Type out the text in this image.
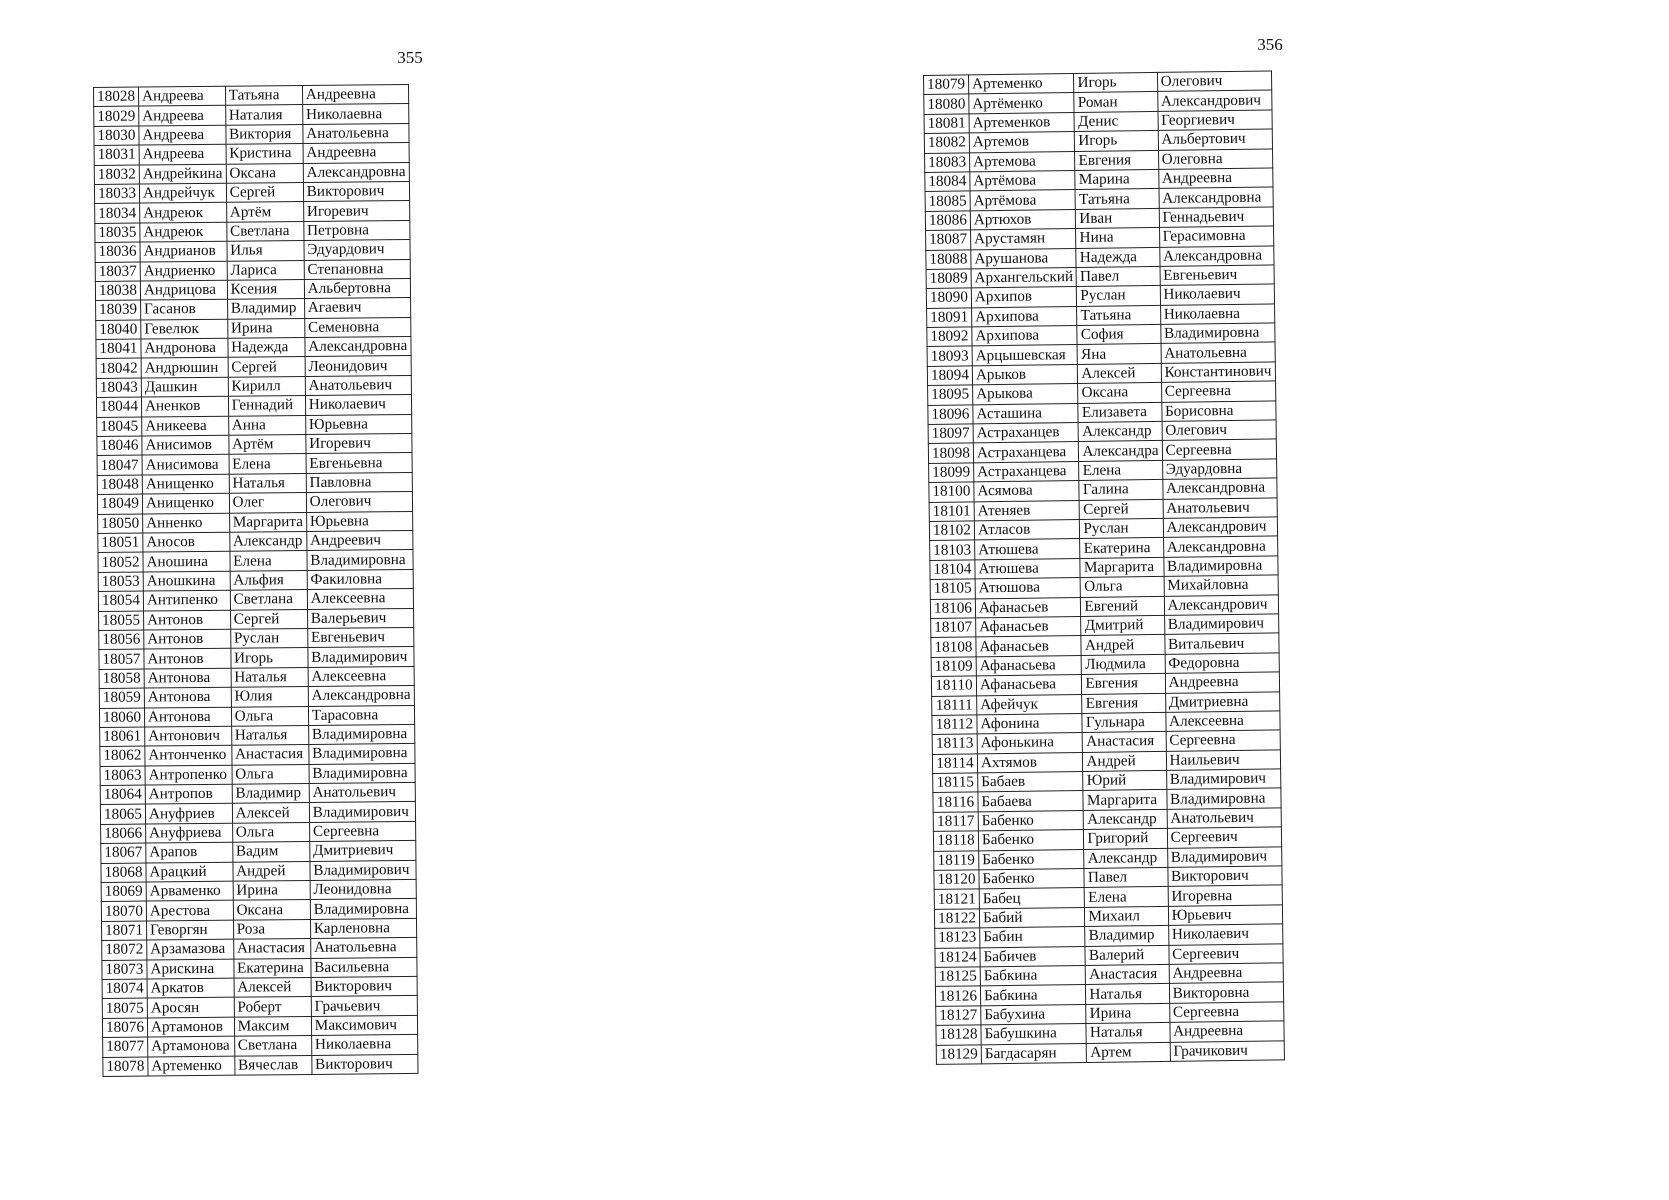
355
18028	Андреева	Татьяна	Андреевна
18029	Андреева	Наталия	Николаевна
18030	Андреева	Виктория	Анатольевна
18031	Андреева	Кристина	Андреевна
18032	Андрейкина	Оксана	Александровна
18033	Андрейчук	Сергей	Викторович
18034	Андреюк	Артём	Игоревич
18035	Андреюк	Светлана	Петровна
18036	Андрианов	Илья	Эдуардович
18037	Андриенко	Лариса	Степановна
18038	Андрицова	Ксения	Альбертовна
18039	Гасанов	Владимир	Агаевич
18040	Гевелюк	Ирина	Семеновна
18041	Андронова	Надежда	Александровна
18042	Андрюшин	Сергей	Леонидович
18043	Дашкин	Кирилл	Анатольевич
18044	Аненков	Геннадий	Николаевич
18045	Аникеева	Анна	Юрьевна
18046	Анисимов	Артём	Игоревич
18047	Анисимова	Елена	Евгеньевна
18048	Анищенко	Наталья	Павловна
18049	Анищенко	Олег	Олегович
18050	Анненко	Маргарита	Юрьевна
18051	Аносов	Александр	Андреевич
18052	Аношина	Елена	Владимировна
18053	Аношкина	Альфия	Факиловна
18054	Антипенко	Светлана	Алексеевна
18055	Антонов	Сергей	Валерьевич
18056	Антонов	Руслан	Евгеньевич
18057	Антонов	Игорь	Владимирович
18058	Антонова	Наталья	Алексеевна
18059	Антонова	Юлия	Александровна
18060	Антонова	Ольга	Тарасовна
18061	Антонович	Наталья	Владимировна
18062	Антонченко	Анастасия	Владимировна
18063	Антропенко	Ольга	Владимировна
18064	Антропов	Владимир	Анатольевич
18065	Ануфриев	Алексей	Владимирович
18066	Ануфриева	Ольга	Сергеевна
18067	Арапов	Вадим	Дмитриевич
18068	Арацкий	Андрей	Владимирович
18069	Арваменко	Ирина	Леонидовна
18070	Арестова	Оксана	Владимировна
18071	Геворгян	Роза	Карленовна
18072	Арзамазова	Анастасия	Анатольевна
18073	Арискина	Екатерина	Васильевна
18074	Аркатов	Алексей	Викторович
18075	Аросян	Роберт	Грачьевич
18076	Артамонов	Максим	Максимович
18077	Артамонова	Светлана	Николаевна
18078	Артеменко	Вячеслав	Викторович
356
18079	Артеменко	Игорь	Олегович
18080	Артёменко	Роман	Александрович
18081	Артеменков	Денис	Георгиевич
18082	Артемов	Игорь	Альбертович
18083	Артемова	Евгения	Олеговна
18084	Артёмова	Марина	Андреевна
18085	Артёмова	Татьяна	Александровна
18086	Артюхов	Иван	Геннадьевич
18087	Арустамян	Нина	Герасимовна
18088	Арушанова	Надежда	Александровна
18089	Архангельский	Павел	Евгеньевич
18090	Архипов	Руслан	Николаевич
18091	Архипова	Татьяна	Николаевна
18092	Архипова	София	Владимировна
18093	Арцышевская	Яна	Анатольевна
18094	Арыков	Алексей	Константинович
18095	Арыкова	Оксана	Сергеевна
18096	Асташина	Елизавета	Борисовна
18097	Астраханцев	Александр	Олегович
18098	Астраханцева	Александра	Сергеевна
18099	Астраханцева	Елена	Эдуардовна
18100	Асямова	Галина	Александровна
18101	Атеняев	Сергей	Анатольевич
18102	Атласов	Руслан	Александрович
18103	Атюшева	Екатерина	Александровна
18104	Атюшева	Маргарита	Владимировна
18105	Атюшова	Ольга	Михайловна
18106	Афанасьев	Евгений	Александрович
18107	Афанасьев	Дмитрий	Владимирович
18108	Афанасьев	Андрей	Витальевич
18109	Афанасьева	Людмила	Федоровна
18110	Афанасьева	Евгения	Андреевна
18111	Афейчук	Евгения	Дмитриевна
18112	Афонина	Гульнара	Алексеевна
18113	Афонькина	Анастасия	Сергеевна
18114	Ахтямов	Андрей	Наильевич
18115	Бабаев	Юрий	Владимирович
18116	Бабаева	Маргарита	Владимировна
18117	Бабенко	Александр	Анатольевич
18118	Бабенко	Григорий	Сергеевич
18119	Бабенко	Александр	Владимирович
18120	Бабенко	Павел	Викторович
18121	Бабец	Елена	Игоревна
18122	Бабий	Михаил	Юрьевич
18123	Бабин	Владимир	Николаевич
18124	Бабичев	Валерий	Сергеевич
18125	Бабкина	Анастасия	Андреевна
18126	Бабкина	Наталья	Викторовна
18127	Бабухина	Ирина	Сергеевна
18128	Бабушкина	Наталья	Андреевна
18129	Багдасарян	Артем	Грачикович
